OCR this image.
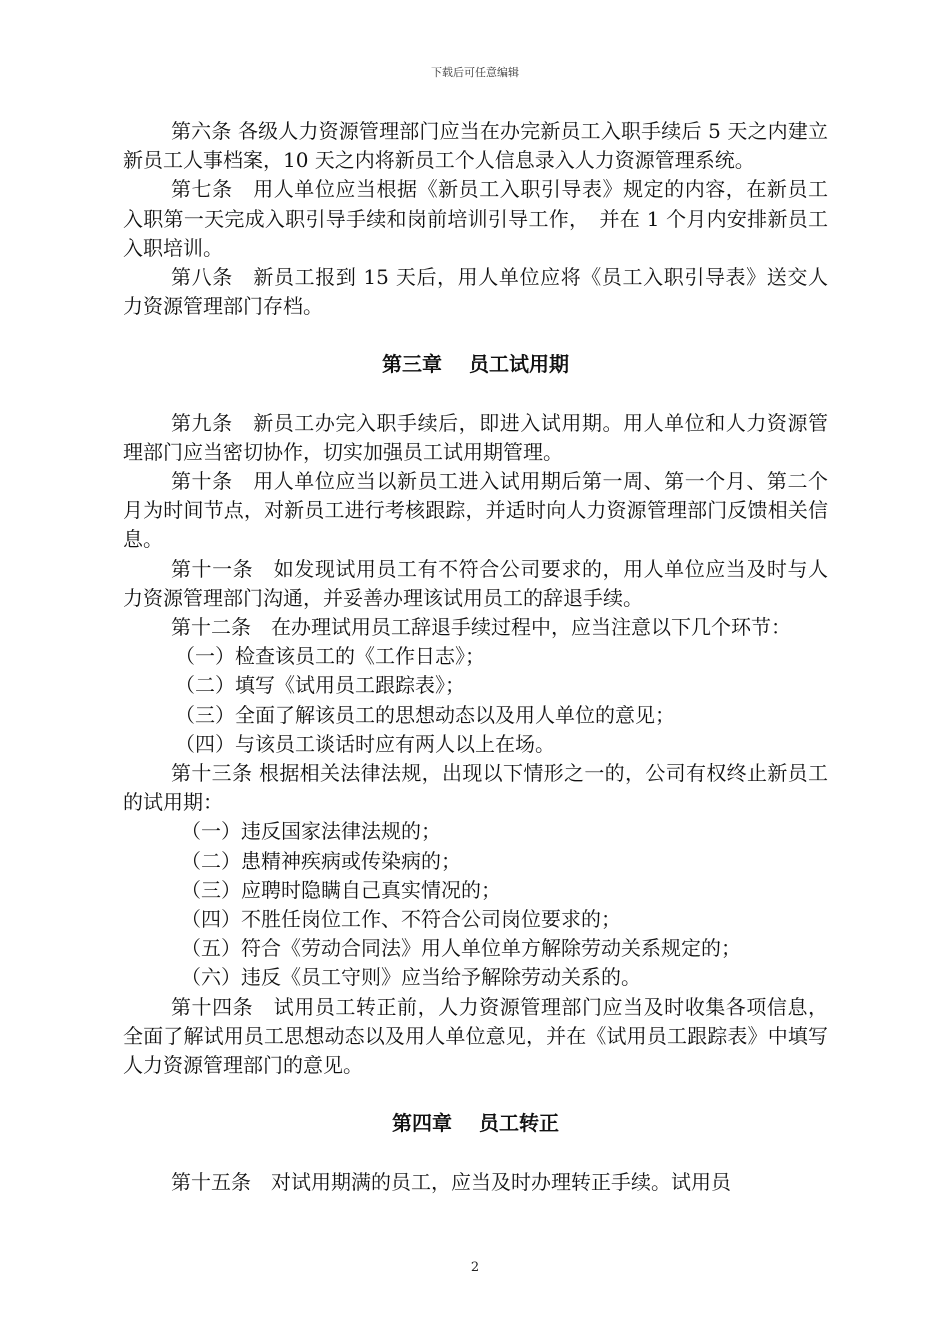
下载后可任意编辑

第六条 各级人力资源管理部门应当在办完新员工入职手续后 5 天之内建立新员工人事档案，10 天之内将新员工个人信息录入人力资源管理系统。

第七条　用人单位应当根据《新员工入职引导表》规定的内容，在新员工入职第一天完成入职引导手续和岗前培训引导工作，　并在 1 个月内安排新员工入职培训。

第八条　新员工报到 15 天后，用人单位应将《员工入职引导表》送交人力资源管理部门存档。

第三章　 员工试用期

第九条　新员工办完入职手续后，即进入试用期。用人单位和人力资源管理部门应当密切协作，切实加强员工试用期管理。

第十条　用人单位应当以新员工进入试用期后第一周、第一个月、第二个月为时间节点，对新员工进行考核跟踪，并适时向人力资源管理部门反馈相关信息。

第十一条　如发现试用员工有不符合公司要求的，用人单位应当及时与人力资源管理部门沟通，并妥善办理该试用员工的辞退手续。

第十二条　在办理试用员工辞退手续过程中，应当注意以下几个环节：

（一）检查该员工的《工作日志》；

（二）填写《试用员工跟踪表》；

（三）全面了解该员工的思想动态以及用人单位的意见；

（四）与该员工谈话时应有两人以上在场。

第十三条 根据相关法律法规，出现以下情形之一的，公司有权终止新员工的试用期：

（一）违反国家法律法规的；

（二）患精神疾病或传染病的；

（三）应聘时隐瞒自己真实情况的；

（四）不胜任岗位工作、不符合公司岗位要求的；

（五）符合《劳动合同法》用人单位单方解除劳动关系规定的；

（六）违反《员工守则》应当给予解除劳动关系的。

第十四条　试用员工转正前，人力资源管理部门应当及时收集各项信息，全面了解试用员工思想动态以及用人单位意见，并在《试用员工跟踪表》中填写人力资源管理部门的意见。

第四章　 员工转正

第十五条　对试用期满的员工，应当及时办理转正手续。试用员

2
